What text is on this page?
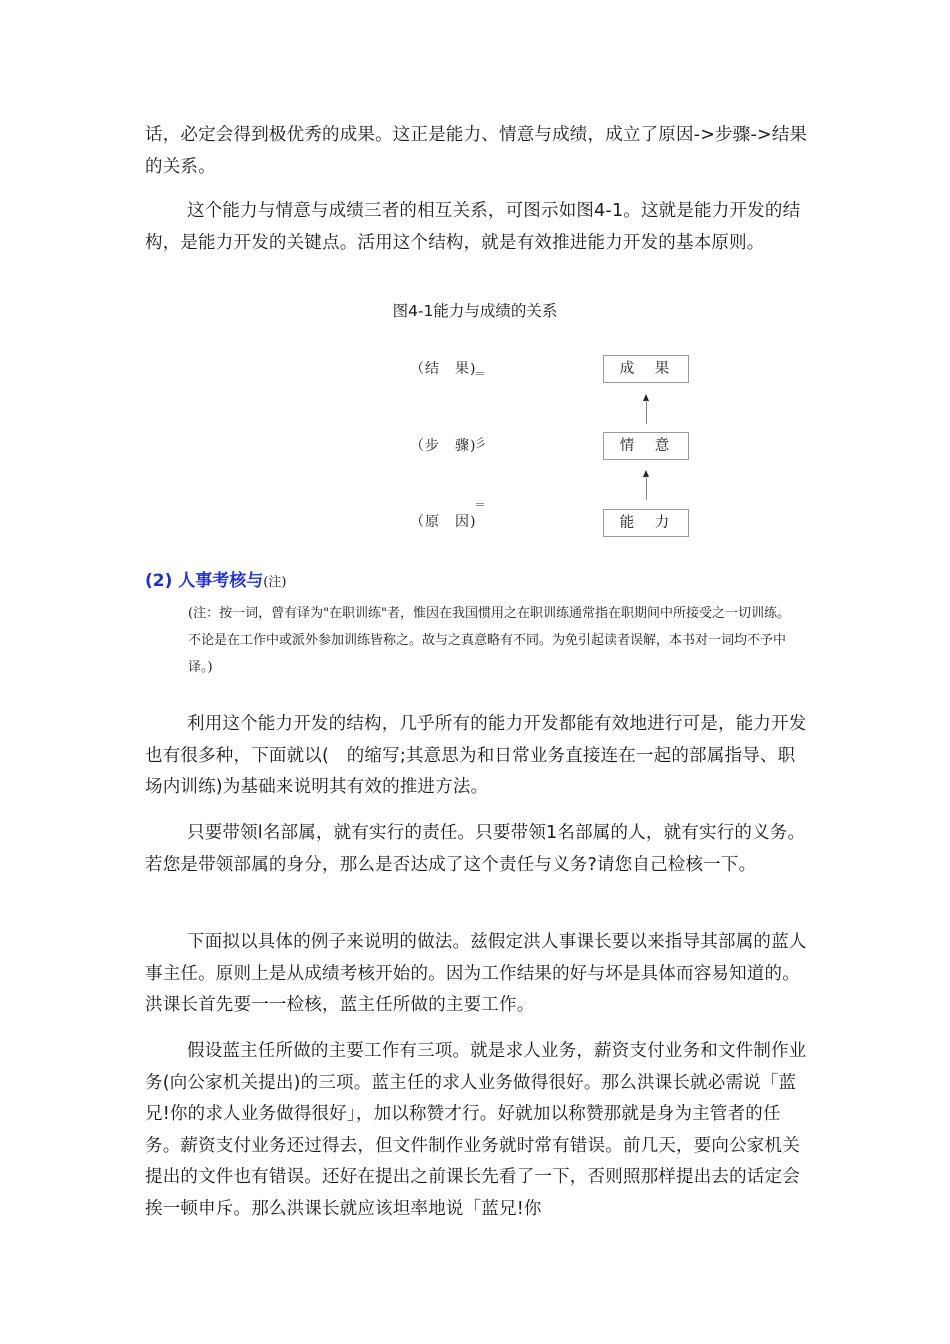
话，必定会得到极优秀的成果。这正是能力、情意与成绩，成立了原因->步骤->结果的关系。

这个能力与情意与成绩三者的相互关系，可图示如图4-1。这就是能力开发的结构，是能力开发的关键点。活用这个结构，就是有效推进能力开发的基本原则。

图4-1能力与成绩的关系
（结　果)
＝
（步　骤)
彡
＝
（原　因)
成　果
情　意
能　力
(2) 人事考核与(注)
(注：按一词，曾有译为"在职训练"者，惟因在我国惯用之在职训练通常指在职期间中所接受之一切训练。不论是在工作中或派外参加训练皆称之。故与之真意略有不同。为免引起读者误解，本书对一词均不予中译。)

利用这个能力开发的结构，几乎所有的能力开发都能有效地进行可是，能力开发也有很多种，下面就以(　的缩写;其意思为和日常业务直接连在一起的部属指导、职场内训练)为基础来说明其有效的推进方法。

只要带领l名部属，就有实行的责任。只要带领1名部属的人，就有实行的义务。若您是带领部属的身分，那么是否达成了这个责任与义务?请您自己检核一下。

下面拟以具体的例子来说明的做法。兹假定洪人事课长要以来指导其部属的蓝人事主任。原则上是从成绩考核开始的。因为工作结果的好与坏是具体而容易知道的。洪课长首先要一一检核，蓝主任所做的主要工作。

假设蓝主任所做的主要工作有三项。就是求人业务，薪资支付业务和文件制作业务(向公家机关提出)的三项。蓝主任的求人业务做得很好。那么洪课长就必需说「蓝兄!你的求人业务做得很好」，加以称赞才行。好就加以称赞那就是身为主管者的任务。薪资支付业务还过得去，但文件制作业务就时常有错误。前几天，要向公家机关提出的文件也有错误。还好在提出之前课长先看了一下，否则照那样提出去的话定会挨一顿申斥。那么洪课长就应该坦率地说「蓝兄!你
